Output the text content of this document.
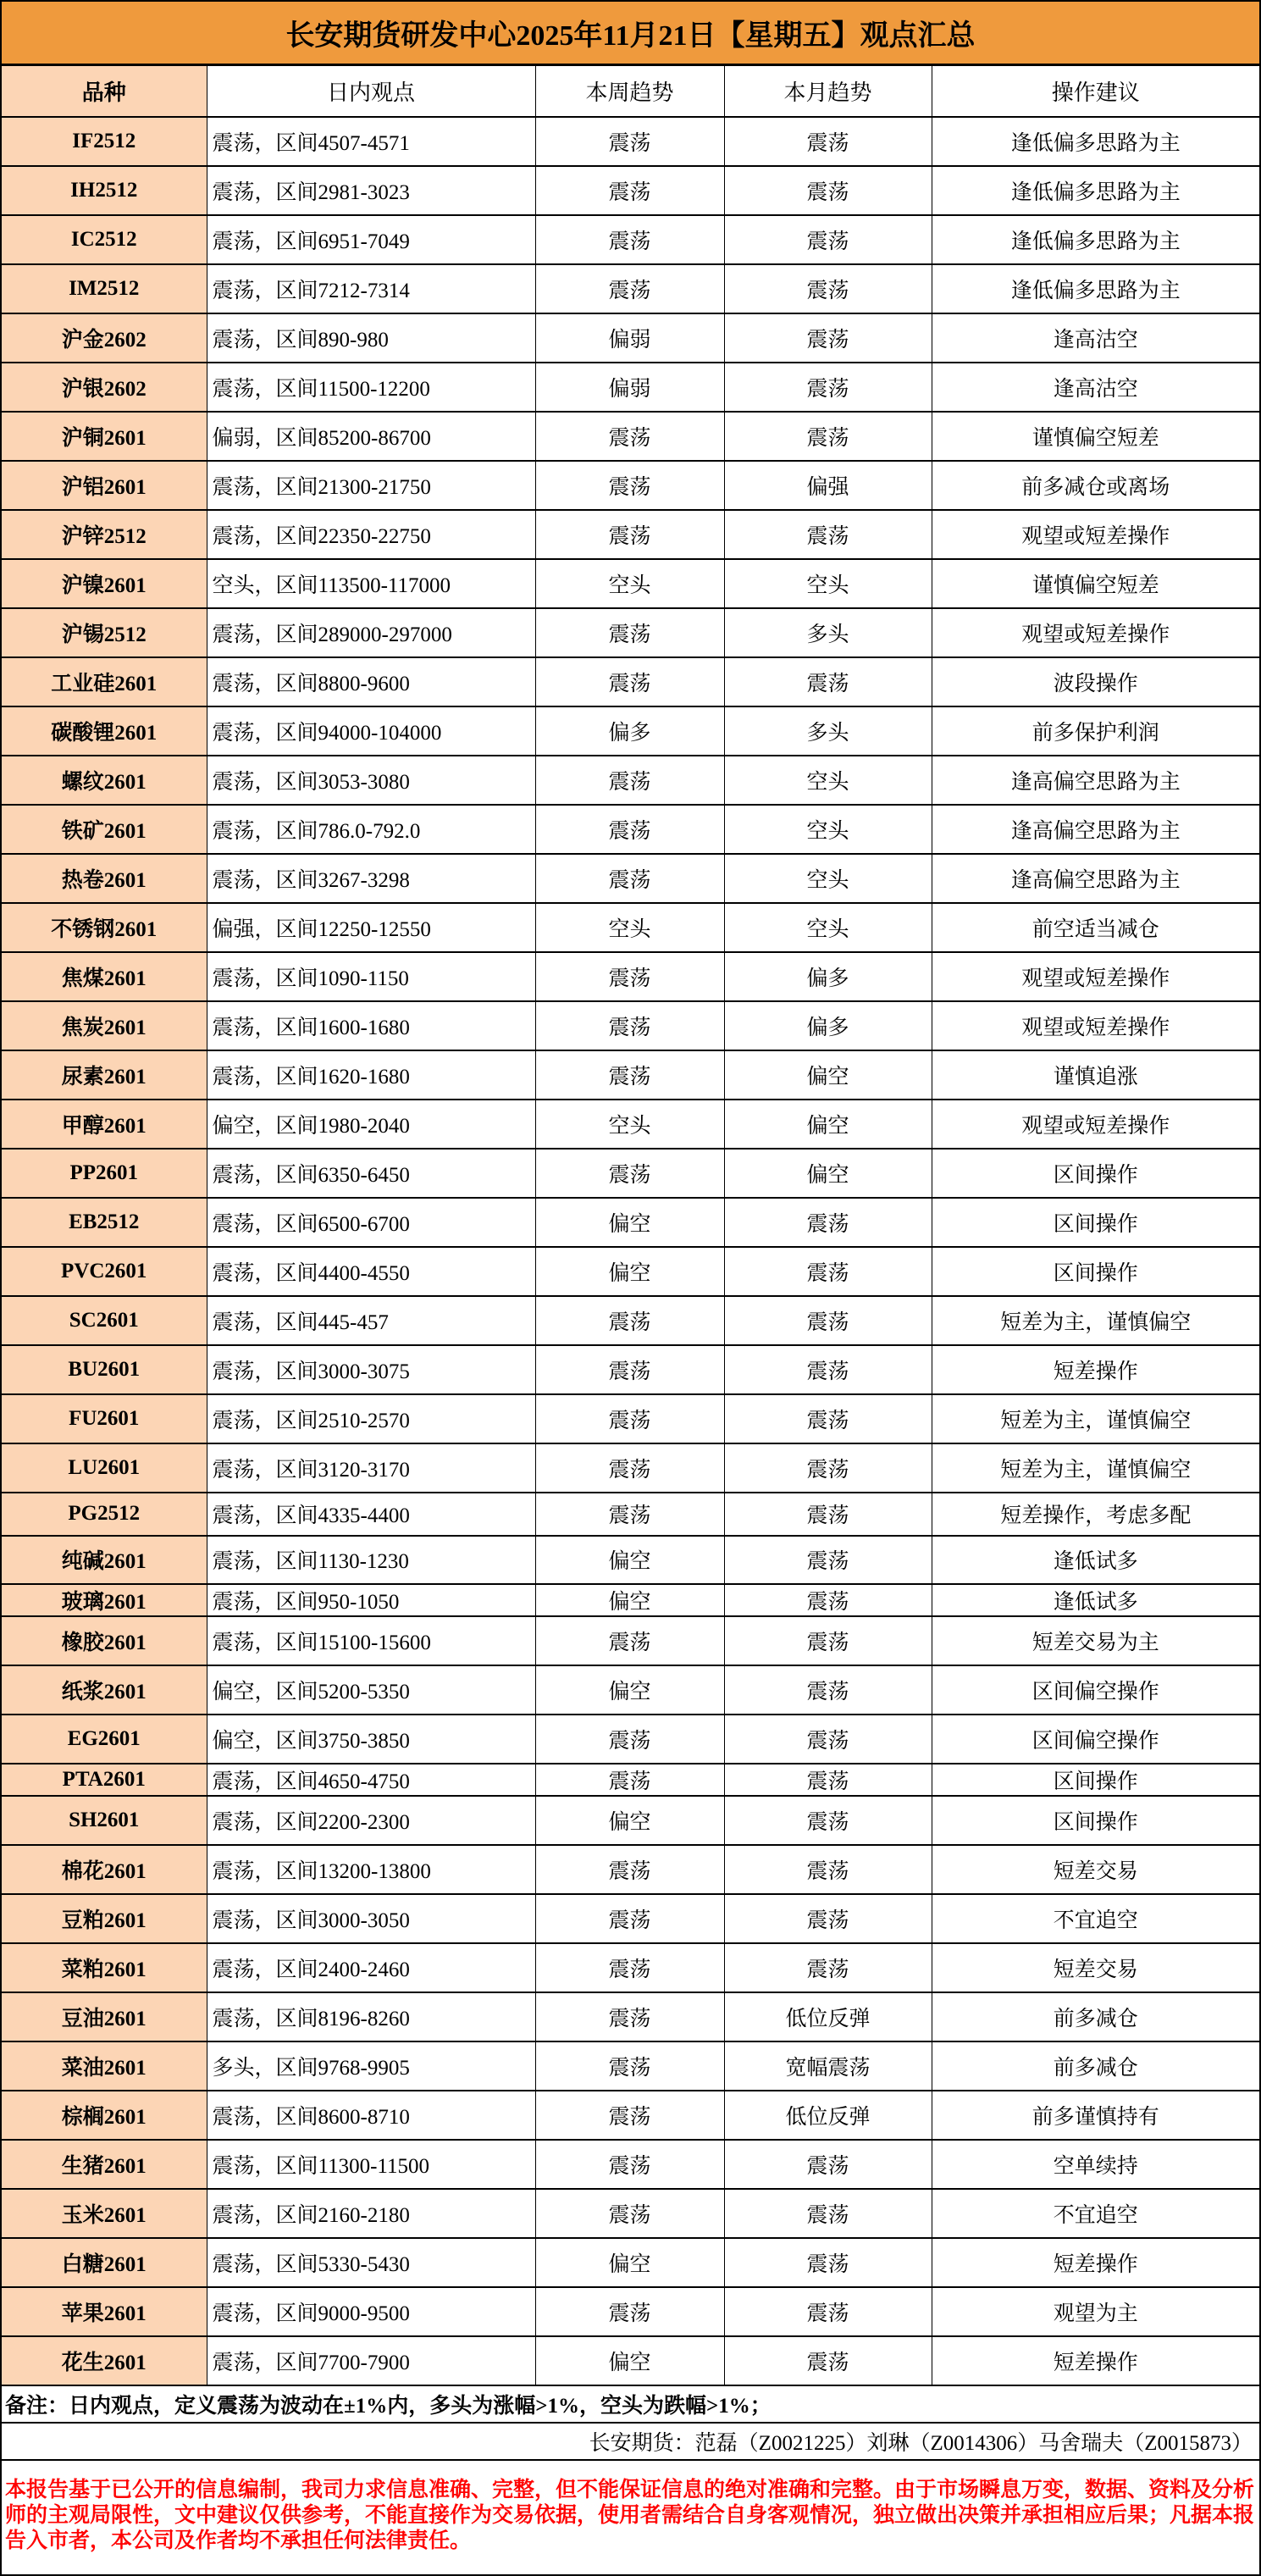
长安期货研发中心2025年11月21日【星期五】观点汇总
品种	日内观点	本周趋势	本月趋势	操作建议
IF2512	震荡，区间4507-4571	震荡	震荡	逢低偏多思路为主
IH2512	震荡，区间2981-3023	震荡	震荡	逢低偏多思路为主
IC2512	震荡，区间6951-7049	震荡	震荡	逢低偏多思路为主
IM2512	震荡，区间7212-7314	震荡	震荡	逢低偏多思路为主
沪金2602	震荡，区间890-980	偏弱	震荡	逢高沽空
沪银2602	震荡，区间11500-12200	偏弱	震荡	逢高沽空
沪铜2601	偏弱，区间85200-86700	震荡	震荡	谨慎偏空短差
沪铝2601	震荡，区间21300-21750	震荡	偏强	前多减仓或离场
沪锌2512	震荡，区间22350-22750	震荡	震荡	观望或短差操作
沪镍2601	空头，区间113500-117000	空头	空头	谨慎偏空短差
沪锡2512	震荡，区间289000-297000	震荡	多头	观望或短差操作
工业硅2601	震荡，区间8800-9600	震荡	震荡	波段操作
碳酸锂2601	震荡，区间94000-104000	偏多	多头	前多保护利润
螺纹2601	震荡，区间3053-3080	震荡	空头	逢高偏空思路为主
铁矿2601	震荡，区间786.0-792.0	震荡	空头	逢高偏空思路为主
热卷2601	震荡，区间3267-3298	震荡	空头	逢高偏空思路为主
不锈钢2601	偏强，区间12250-12550	空头	空头	前空适当减仓
焦煤2601	震荡，区间1090-1150	震荡	偏多	观望或短差操作
焦炭2601	震荡，区间1600-1680	震荡	偏多	观望或短差操作
尿素2601	震荡，区间1620-1680	震荡	偏空	谨慎追涨
甲醇2601	偏空，区间1980-2040	空头	偏空	观望或短差操作
PP2601	震荡，区间6350-6450	震荡	偏空	区间操作
EB2512	震荡，区间6500-6700	偏空	震荡	区间操作
PVC2601	震荡，区间4400-4550	偏空	震荡	区间操作
SC2601	震荡，区间445-457	震荡	震荡	短差为主，谨慎偏空
BU2601	震荡，区间3000-3075	震荡	震荡	短差操作
FU2601	震荡，区间2510-2570	震荡	震荡	短差为主，谨慎偏空
LU2601	震荡，区间3120-3170	震荡	震荡	短差为主，谨慎偏空
PG2512	震荡，区间4335-4400	震荡	震荡	短差操作，考虑多配
纯碱2601	震荡，区间1130-1230	偏空	震荡	逢低试多
玻璃2601	震荡，区间950-1050	偏空	震荡	逢低试多
橡胶2601	震荡，区间15100-15600	震荡	震荡	短差交易为主
纸浆2601	偏空，区间5200-5350	偏空	震荡	区间偏空操作
EG2601	偏空，区间3750-3850	震荡	震荡	区间偏空操作
PTA2601	震荡，区间4650-4750	震荡	震荡	区间操作
SH2601	震荡，区间2200-2300	偏空	震荡	区间操作
棉花2601	震荡，区间13200-13800	震荡	震荡	短差交易
豆粕2601	震荡，区间3000-3050	震荡	震荡	不宜追空
菜粕2601	震荡，区间2400-2460	震荡	震荡	短差交易
豆油2601	震荡，区间8196-8260	震荡	低位反弹	前多减仓
菜油2601	多头，区间9768-9905	震荡	宽幅震荡	前多减仓
棕榈2601	震荡，区间8600-8710	震荡	低位反弹	前多谨慎持有
生猪2601	震荡，区间11300-11500	震荡	震荡	空单续持
玉米2601	震荡，区间2160-2180	震荡	震荡	不宜追空
白糖2601	震荡，区间5330-5430	偏空	震荡	短差操作
苹果2601	震荡，区间9000-9500	震荡	震荡	观望为主
花生2601	震荡，区间7700-7900	偏空	震荡	短差操作
备注：日内观点，定义震荡为波动在±1%内，多头为涨幅>1%，空头为跌幅>1%；
长安期货：范磊（Z0021225）刘琳（Z0014306）马舍瑞夫（Z0015873）
本报告基于已公开的信息编制，我司力求信息准确、完整，但不能保证信息的绝对准确和完整。由于市场瞬息万变，数据、资料及分析师的主观局限性，文中建议仅供参考，不能直接作为交易依据，使用者需结合自身客观情况，独立做出决策并承担相应后果；凡据本报告入市者，本公司及作者均不承担任何法律责任。
